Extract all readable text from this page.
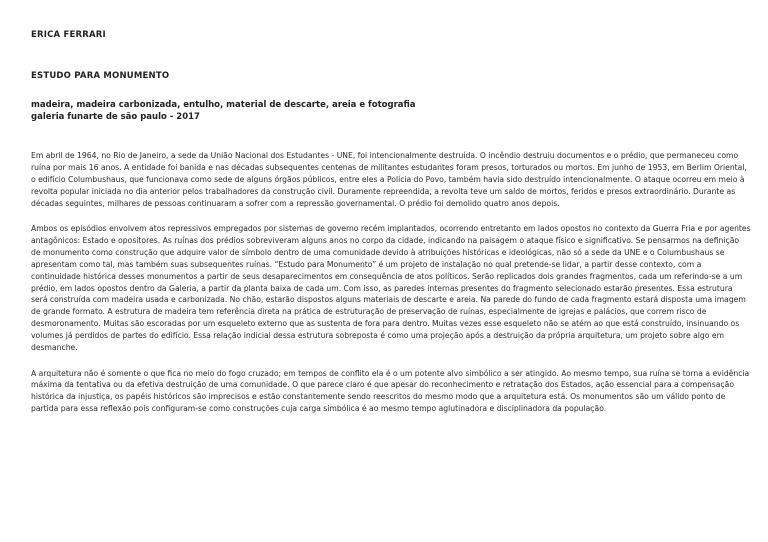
ERICA FERRARI
ESTUDO PARA MONUMENTO
madeira, madeira carbonizada, entulho, material de descarte, areia e fotografia
galeria funarte de são paulo - 2017

Em abril de 1964, no Rio de Janeiro, a sede da União Nacional dos Estudantes - UNE, foi intencionalmente destruída. O incêndio destruiu documentos e o prédio, que permaneceu como ruína por mais 16 anos. A entidade foi banida e nas décadas subsequentes centenas de militantes estudantes foram presos, torturados ou mortos. Em junho de 1953, em Berlim Oriental, o edifício Columbushaus, que funcionava como sede de alguns órgãos públicos, entre eles a Polícia do Povo, também havia sido destruído intencionalmente. O ataque ocorreu em meio à revolta popular iniciada no dia anterior pelos trabalhadores da construção civil. Duramente repreendida, a revolta teve um saldo de mortos, feridos e presos extraordinário. Durante as décadas seguintes, milhares de pessoas continuaram a sofrer com a repressão governamental. O prédio foi demolido quatro anos depois.

Ambos os episódios envolvem atos repressivos empregados por sistemas de governo recém implantados, ocorrendo entretanto em lados opostos no contexto da Guerra Fria e por agentes antagônicos: Estado e opositores. As ruínas dos prédios sobreviveram alguns anos no corpo da cidade, indicando na paisagem o ataque físico e significativo. Se pensarmos na definição de monumento como construção que adquire valor de símbolo dentro de uma comunidade devido à atribuições históricas e ideológicas, não só a sede da UNE e o Columbushaus se apresentam como tal, mas também suas subsequentes ruínas. “Estudo para Monumento” é um projeto de instalação no qual pretende-se lidar, a partir desse contexto, com a continuidade histórica desses monumentos a partir de seus desaparecimentos em consequência de atos políticos. Serão replicados dois grandes fragmentos, cada um referindo-se a um prédio, em lados opostos dentro da Galeria, a partir da planta baixa de cada um. Com isso, as paredes internas presentes do fragmento selecionado estarão presentes. Essa estrutura será construída com madeira usada e carbonizada. No chão, estarão dispostos alguns materiais de descarte e areia. Na parede do fundo de cada fragmento estará disposta uma imagem de grande formato. A estrutura de madeira tem referência direta na prática de estruturação de preservação de ruínas, especialmente de igrejas e palácios, que correm risco de desmoronamento. Muitas são escoradas por um esqueleto externo que as sustenta de fora para dentro. Muitas vezes esse esqueleto não se atém ao que está construído, insinuando os volumes já perdidos de partes do edifício. Essa relação indicial dessa estrutura sobreposta é como uma projeção após a destruição da própria arquitetura, um projeto sobre algo em desmanche.

A arquitetura não é somente o que fica no meio do fogo cruzado; em tempos de conflito ela é o um potente alvo simbólico a ser atingido. Ao mesmo tempo, sua ruína se torna a evidência máxima da tentativa ou da efetiva destruição de uma comunidade. O que parece claro é que apesar do reconhecimento e retratação dos Estados, ação essencial para a compensação histórica da injustiça, os papéis históricos são imprecisos e estão constantemente sendo reescritos do mesmo modo que a arquitetura está. Os monumentos são um válido ponto de partida para essa reflexão pois configuram-se como construções cuja carga simbólica é ao mesmo tempo aglutinadora e disciplinadora da população.
